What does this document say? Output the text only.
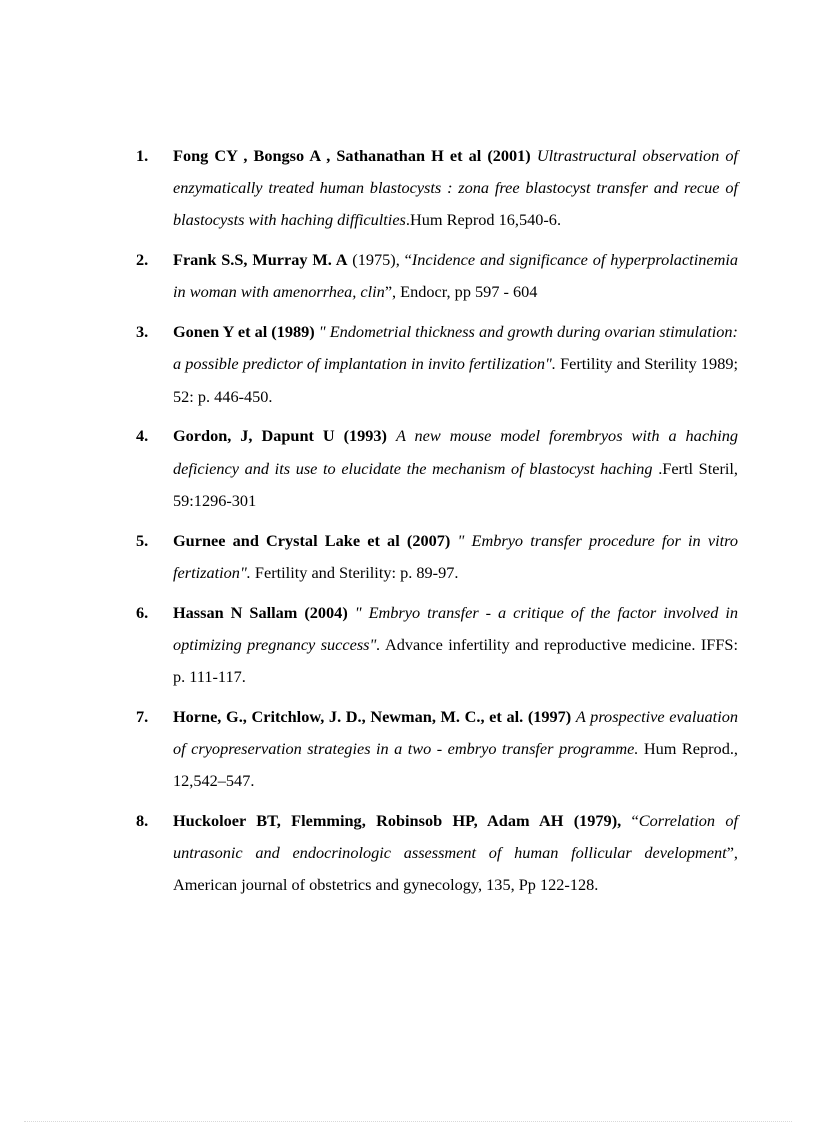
1. Fong CY , Bongso A , Sathanathan H et al (2001) Ultrastructural observation of enzymatically treated human blastocysts : zona free blastocyst transfer and recue of blastocysts with haching difficulties.Hum Reprod 16,540-6.
2. Frank S.S, Murray M. A (1975), “Incidence and significance of hyperprolactinemia in woman with amenorrhea, clin”, Endocr, pp 597 - 604
3. Gonen Y et al (1989) " Endometrial thickness and growth during ovarian stimulation: a possible predictor of implantation in invito fertilization". Fertility and Sterility 1989; 52: p. 446-450.
4. Gordon, J, Dapunt U (1993) A new mouse model forembryos with a haching deficiency and its use to elucidate the mechanism of blastocyst haching .Fertl Steril, 59:1296-301
5. Gurnee and Crystal Lake et al (2007) " Embryo transfer procedure for in vitro fertization". Fertility and Sterility: p. 89-97.
6. Hassan N Sallam (2004) " Embryo transfer - a critique of the factor involved in optimizing pregnancy success". Advance infertility and reproductive medicine. IFFS: p. 111-117.
7. Horne, G., Critchlow, J. D., Newman, M. C., et al. (1997) A prospective evaluation of cryopreservation strategies in a two - embryo transfer programme. Hum Reprod., 12,542–547.
8. Huckoloer BT, Flemming, Robinsob HP, Adam AH (1979), “Correlation of untrasonic and endocrinologic assessment of human follicular development”, American journal of obstetrics and gynecology, 135, Pp 122-128.
